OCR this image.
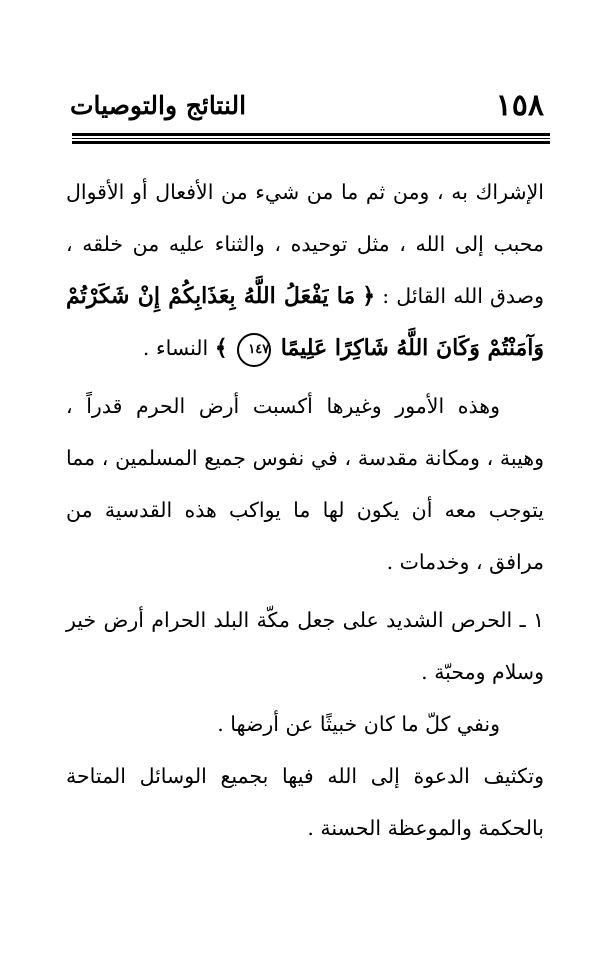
١٥٨
النتائج والتوصيات

الإشراك به ، ومن ثم ما من شيء من الأفعال أو الأقوال محبب إلى الله ، مثل توحيده ، والثناء عليه من خلقه ، وصدق الله القائل : ﴿ مَا يَفْعَلُ اللَّهُ بِعَذَابِكُمْ إِنْ شَكَرْتُمْ وَآمَنْتُمْ وَكَانَ اللَّهُ شَاكِرًا عَلِيمًا ١٤٧ ﴾ النساء .

وهذه الأمور وغيرها أكسبت أرض الحرم قدراً ، وهيبة ، ومكانة مقدسة ، في نفوس جميع المسلمين ، مما يتوجب معه أن يكون لها ما يواكب هذه القدسية من مرافق ، وخدمات .

١ ـ الحرص الشديد على جعل مكّة البلد الحرام أرض خير وسلام ومحبّة .

ونفي كلّ ما كان خبيثًا عن أرضها .

وتكثيف الدعوة إلى الله فيها بجميع الوسائل المتاحة بالحكمة والموعظة الحسنة .
